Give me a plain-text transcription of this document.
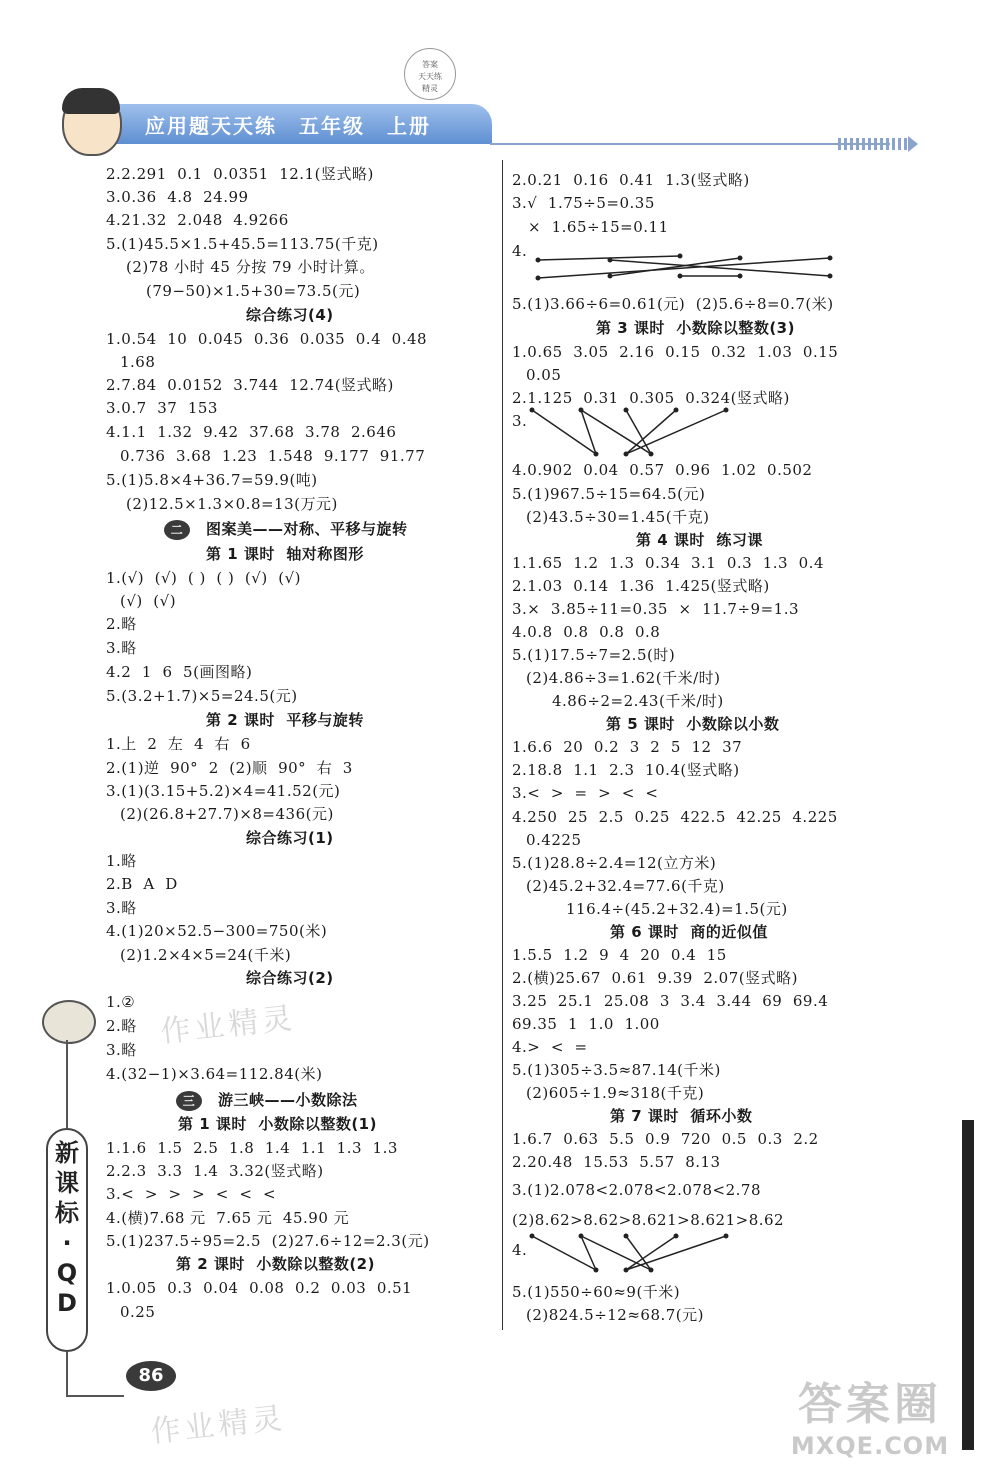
答案
天天练
精灵
应用题天天练 五年级 上册
2.2.291  0.1  0.0351  12.1(竖式略)
3.0.36  4.8  24.99
4.21.32  2.048  4.9266
5.(1)45.5×1.5+45.5=113.75(千克)
(2)78 小时 45 分按 79 小时计算。
(79−50)×1.5+30=73.5(元)
综合练习(4)
1.0.54  10  0.045  0.36  0.035  0.4  0.48
1.68
2.7.84  0.0152  3.744  12.74(竖式略)
3.0.7  37  153
4.1.1  1.32  9.42  37.68  3.78  2.646
0.736  3.68  1.23  1.548  9.177  91.77
5.(1)5.8×4+36.7=59.9(吨)
(2)12.5×1.3×0.8=13(万元)
二 图案美——对称、平移与旋转
第 1 课时  轴对称图形
1.(√)  (√)  ( )  ( )  (√)  (√)
(√)  (√)
2.略
3.略
4.2  1  6  5(画图略)
5.(3.2+1.7)×5=24.5(元)
第 2 课时  平移与旋转
1.上  2  左  4  右  6
2.(1)逆  90°  2  (2)顺  90°  右  3
3.(1)(3.15+5.2)×4=41.52(元)
(2)(26.8+27.7)×8=436(元)
综合练习(1)
1.略
2.B  A  D
3.略
4.(1)20×52.5−300=750(米)
(2)1.2×4×5=24(千米)
综合练习(2)
1.②
2.略
3.略
4.(32−1)×3.64=112.84(米)
三 游三峡——小数除法
第 1 课时  小数除以整数(1)
1.1.6  1.5  2.5  1.8  1.4  1.1  1.3  1.3
2.2.3  3.3  1.4  3.32(竖式略)
3.<  >  >  >  <  <  <
4.(横)7.68 元  7.65 元  45.90 元
5.(1)237.5÷95=2.5  (2)27.6÷12=2.3(元)
第 2 课时  小数除以整数(2)
1.0.05  0.3  0.04  0.08  0.2  0.03  0.51
0.25
2.0.21  0.16  0.41  1.3(竖式略)
3.√  1.75÷5=0.35
×  1.65÷15=0.11
4.
5.(1)3.66÷6=0.61(元)  (2)5.6÷8=0.7(米)
第 3 课时  小数除以整数(3)
1.0.65  3.05  2.16  0.15  0.32  1.03  0.15
0.05
2.1.125  0.31  0.305  0.324(竖式略)
3.
4.0.902  0.04  0.57  0.96  1.02  0.502
5.(1)967.5÷15=64.5(元)
(2)43.5÷30=1.45(千克)
第 4 课时  练习课
1.1.65  1.2  1.3  0.34  3.1  0.3  1.3  0.4
2.1.03  0.14  1.36  1.425(竖式略)
3.×  3.85÷11=0.35  ×  11.7÷9=1.3
4.0.8  0.8  0.8  0.8
5.(1)17.5÷7=2.5(时)
(2)4.86÷3=1.62(千米/时)
4.86÷2=2.43(千米/时)
第 5 课时  小数除以小数
1.6.6  20  0.2  3  2  5  12  37
2.18.8  1.1  2.3  10.4(竖式略)
3.<  >  =  >  <  <
4.250  25  2.5  0.25  422.5  42.25  4.225
0.4225
5.(1)28.8÷2.4=12(立方米)
(2)45.2+32.4=77.6(千克)
116.4÷(45.2+32.4)=1.5(元)
第 6 课时  商的近似值
1.5.5  1.2  9  4  20  0.4  15
2.(横)25.67  0.61  9.39  2.07(竖式略)
3.25  25.1  25.08  3  3.4  3.44  69  69.4
69.35  1  1.0  1.00
4.>  <  =
5.(1)305÷3.5≈87.14(千米)
(2)605÷1.9≈318(千克)
第 7 课时  循环小数
1.6.7  0.63  5.5  0.9  720  0.5  0.3  2.2
2.20.48  15.53  5.57  8.13
3.(1)2.078<2.078<2.078<2.78
(2)8.62>8.62>8.621>8.621>8.62
4.
5.(1)550÷60≈9(千米)
(2)824.5÷12≈68.7(元)
新
课
标
·
Q
D
86
作业精灵
作业精灵	答案圈
MXQE.COM
